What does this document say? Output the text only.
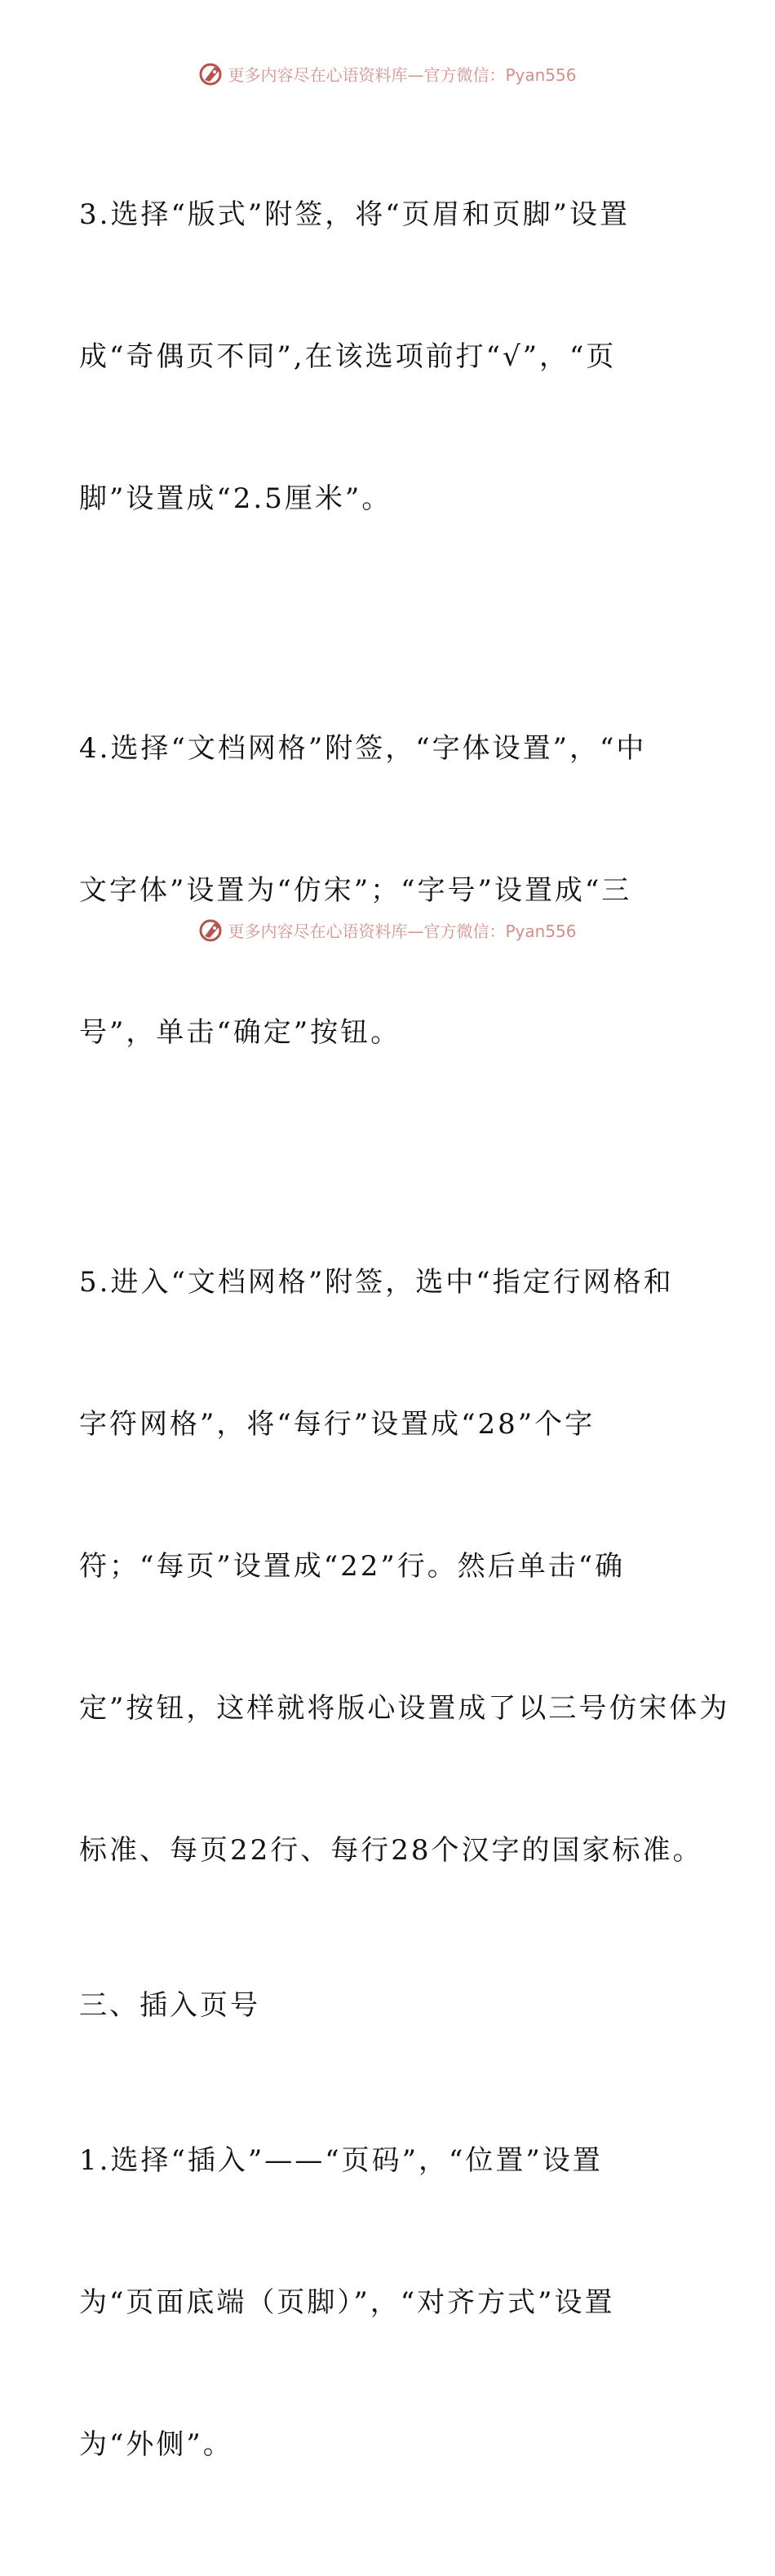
更多内容尽在心语资料库—官方微信：Pyan556

3.选择“版式”附签，将“页眉和页脚”设置

成“奇偶页不同”,在该选项前打“√”，“页

脚”设置成“2.5厘米”。

4.选择“文档网格”附签，“字体设置”，“中

文字体”设置为“仿宋”；“字号”设置成“三

号”，单击“确定”按钮。

5.进入“文档网格”附签，选中“指定行网格和

字符网格”，将“每行”设置成“28”个字

符；“每页”设置成“22”行。然后单击“确

定”按钮，这样就将版心设置成了以三号仿宋体为

标准、每页22行、每行28个汉字的国家标准。

三、插入页号

1.选择“插入”——“页码”，“位置”设置

为“页面底端（页脚）”，“对齐方式”设置

为“外侧”。

更多内容尽在心语资料库—官方微信：Pyan556
